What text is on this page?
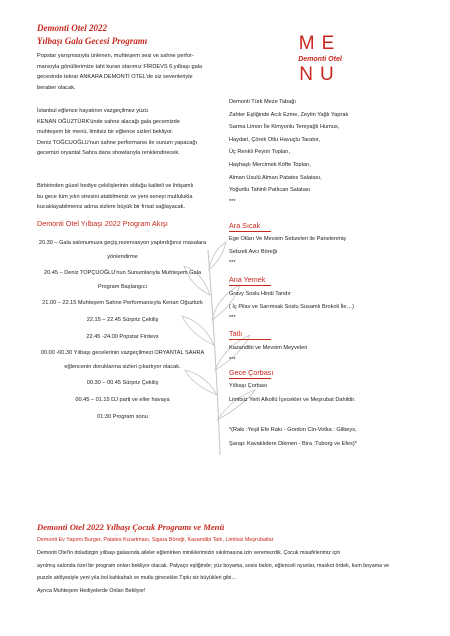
Demonti Otel 2022
Yılbaşı Gala Gecesi Programı
Popstar yarışmasıyla ünlenen, muhteşem sesi ve sahne perfor-
mansıyla gönüllerimize taht kuran starımız FİRDEVS 6.yılbaşı gala
gecesinde tekrar ANKARA DEMONTİ OTEL'de siz sevenleriyle
beraber olacak.
İstanbul eğlence hayatının vazgeçilmez yüzü
KENAN OĞUZTÜRK'ünde sahne alacağı gala gecemizde
muhteşem bir menü, limitsiz bir eğlence sizleri bekliyor.
Deniz TOĞCUOĞLU'nun sahne performansı ile sunum yapacağı
gecemizi oryantal Sahra dans showlarıyla renklendirecek.
Birbirinden güzel hediye çekilişlerinin olduğu kaliteli ve ihtişamlı
bu gece tüm yılın stresini atabilmeniz ve yeni seneyi mutlulukla
kucaklayabilmeniz adına sizlere büyük bir fırsat sağlayacak.
Demonti Otel Yılbaşı 2022 Program Akışı
20.30 – Gala salonumuza geçiş,rezervasyon yaptırdığınız masalara
yönlendirme
20.45 – Deniz TOPÇUOĞLU'nun Sunumlarıyla Muhteşem Gala
Program Başlangıcı
21.00 – 22.15 Muhteşem Sahne Performansıyla Kenan Oğuztürk
22.15 – 22.45 Sürpriz Çekiliş
22.45 -24.00 Popstar Firdevs
00.00 -00.30 Yılbaşı gecelerinin vazgeçilmezi ORYANTAL SAHRA
eğlencenin doruklarına sizleri çıkartıyor olacak.
00.30 – 00.45 Sürpriz Çekiliş
00.45 – 01.15 DJ parti ve eller havaya
01:30 Program sonu
ME
Demonti Otel
NU
Demonti Türk Meze Tabağı
Zahter Eşliğinde Acılı Ezme, Zeytin Yağlı Yaprak
Sarma Limon İle Kimyonlu Tereyağlı Humus,
Haydari, Çörek Otlu Havuçlu Tarator,
Üç Renkli Peynir Topları,
Haşhaşlı Mercimek Köfte Topları,
Alman Usulü Alman Patates Salatası,
Yoğurtlu Tahinli Patlıcan Salatası
***
Ara Sıcak
Ege Otları Ve Mevsim Sebzeleri ile Panelenmiş
Sebzeli Avcı Böreği
***
Ana Yemek
Gravy Soslu Hindi Tandır
( İç Pilav ve Sarımsak Soslu Susamlı Brokoli İle…)
***
Tatlı
Kazandibi ve Mevsim Meyveleri
***
Gece Çorbası
Yılbaşı Çorbası
Limitsiz Yerli Alkollü İçecekler ve Meşrubat Dahildir.
*(Rakı :Yeşil Efe Rakı - Gordon Cin-Votka : Gilbeys,
Şarap: Kavaklıdere Dikmen - Bira :Tuborg ve Efes)*
Demonti Otel 2022 Yılbaşı Çocuk Programı ve Menü
Demonti Ev Yapımı Burger, Patates Kızartması, Sigara Böreği, Kazandibi Tatlı, Limitsiz Meşrubatlar
Demonti Otel'in doludizgin yılbaşı galasında aileler eğlenirken miniklerimizin sıkılmasına izin veremezdik. Çocuk misafirlerimiz için
ayrılmış salonda özel bir program onları bekliyor olacak. Palyaço eşliğinde; yüz boyama, sosis balon, eğlenceli oyunlar, maskot ördek, kum boyama ve
puzzle atölyesiyle yeni yıla bol kahkahalı ve mutlu girecekler.Tıpkı siz büyükleri gibi…
Ayrıca Muhteşem Hediyelerde Onları Bekliyor!
